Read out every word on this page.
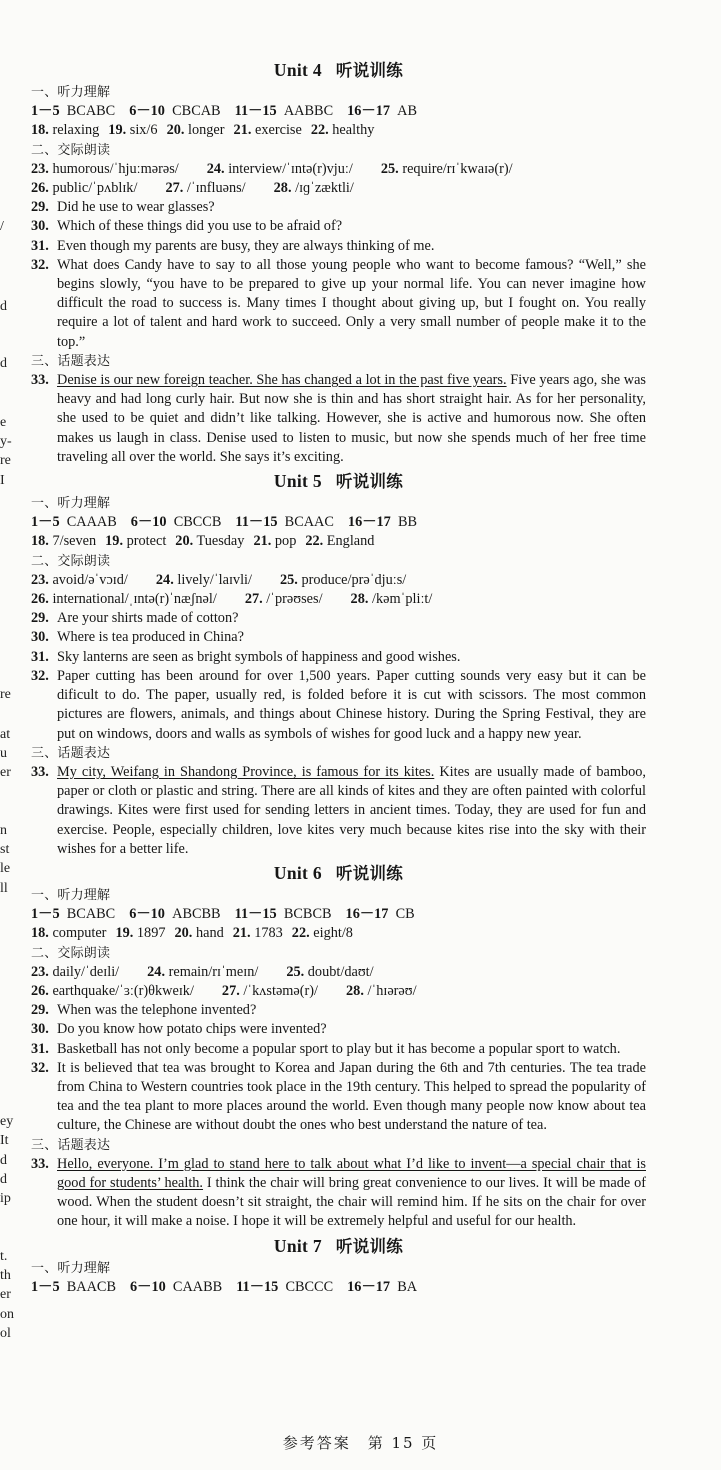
/
d
d
e
y-
re
I
re
at
u
er
n
st
le
ll
ey
It
d
d
ip
t.
th
er
on
ol
Unit 4 听说训练
一、听力理解
1－5 BCABC 6－10 CBCAB 11－15 AABBC 16－17 AB
18. relaxing 19. six/6 20. longer 21. exercise 22. healthy
二、交际朗读
23. humorous/ˈhjuːmərəs/ 24. interview/ˈɪntə(r)vjuː/ 25. require/rɪˈkwaɪə(r)/
26. public/ˈpʌblɪk/ 27. /ˈɪnfluəns/ 28. /ɪɡˈzæktli/
29. Did he use to wear glasses?
30. Which of these things did you use to be afraid of?
31. Even though my parents are busy, they are always thinking of me.
32. What does Candy have to say to all those young people who want to become famous? “Well,” she begins slowly, “you have to be prepared to give up your normal life. You can never imagine how difficult the road to success is. Many times I thought about giving up, but I fought on. You really require a lot of talent and hard work to succeed. Only a very small number of people make it to the top.”
三、话题表达
33. Denise is our new foreign teacher. She has changed a lot in the past five years. Five years ago, she was heavy and had long curly hair. But now she is thin and has short straight hair. As for her personality, she used to be quiet and didn’t like talking. However, she is active and humorous now. She often makes us laugh in class. Denise used to listen to music, but now she spends much of her free time traveling all over the world. She says it’s exciting.
Unit 5 听说训练
一、听力理解
1－5 CAAAB 6－10 CBCCB 11－15 BCAAC 16－17 BB
18. 7/seven 19. protect 20. Tuesday 21. pop 22. England
二、交际朗读
23. avoid/əˈvɔɪd/ 24. lively/ˈlaɪvli/ 25. produce/prəˈdjuːs/
26. international/ˌɪntə(r)ˈnæʃnəl/ 27. /ˈprəʊses/ 28. /kəmˈpliːt/
29. Are your shirts made of cotton?
30. Where is tea produced in China?
31. Sky lanterns are seen as bright symbols of happiness and good wishes.
32. Paper cutting has been around for over 1,500 years. Paper cutting sounds very easy but it can be dificult to do. The paper, usually red, is folded before it is cut with scissors. The most common pictures are flowers, animals, and things about Chinese history. During the Spring Festival, they are put on windows, doors and walls as symbols of wishes for good luck and a happy new year.
三、话题表达
33. My city, Weifang in Shandong Province, is famous for its kites. Kites are usually made of bamboo, paper or cloth or plastic and string. There are all kinds of kites and they are often painted with colorful drawings. Kites were first used for sending letters in ancient times. Today, they are used for fun and exercise. People, especially children, love kites very much because kites rise into the sky with their wishes for a better life.
Unit 6 听说训练
一、听力理解
1－5 BCABC 6－10 ABCBB 11－15 BCBCB 16－17 CB
18. computer 19. 1897 20. hand 21. 1783 22. eight/8
二、交际朗读
23. daily/ˈdeɪli/ 24. remain/rɪˈmeɪn/ 25. doubt/daʊt/
26. earthquake/ˈɜː(r)θkweɪk/ 27. /ˈkʌstəmə(r)/ 28. /ˈhɪərəʊ/
29. When was the telephone invented?
30. Do you know how potato chips were invented?
31. Basketball has not only become a popular sport to play but it has become a popular sport to watch.
32. It is believed that tea was brought to Korea and Japan during the 6th and 7th centuries. The tea trade from China to Western countries took place in the 19th century. This helped to spread the popularity of tea and the tea plant to more places around the world. Even though many people now know about tea culture, the Chinese are without doubt the ones who best understand the nature of tea.
三、话题表达
33. Hello, everyone. I’m glad to stand here to talk about what I’d like to invent—a special chair that is good for students’ health. I think the chair will bring great convenience to our lives. It will be made of wood. When the student doesn’t sit straight, the chair will remind him. If he sits on the chair for over one hour, it will make a noise. I hope it will be extremely helpful and useful for our health.
Unit 7 听说训练
一、听力理解
1－5 BAACB 6－10 CAABB 11－15 CBCCC 16－17 BA
参考答案　第 15 页
